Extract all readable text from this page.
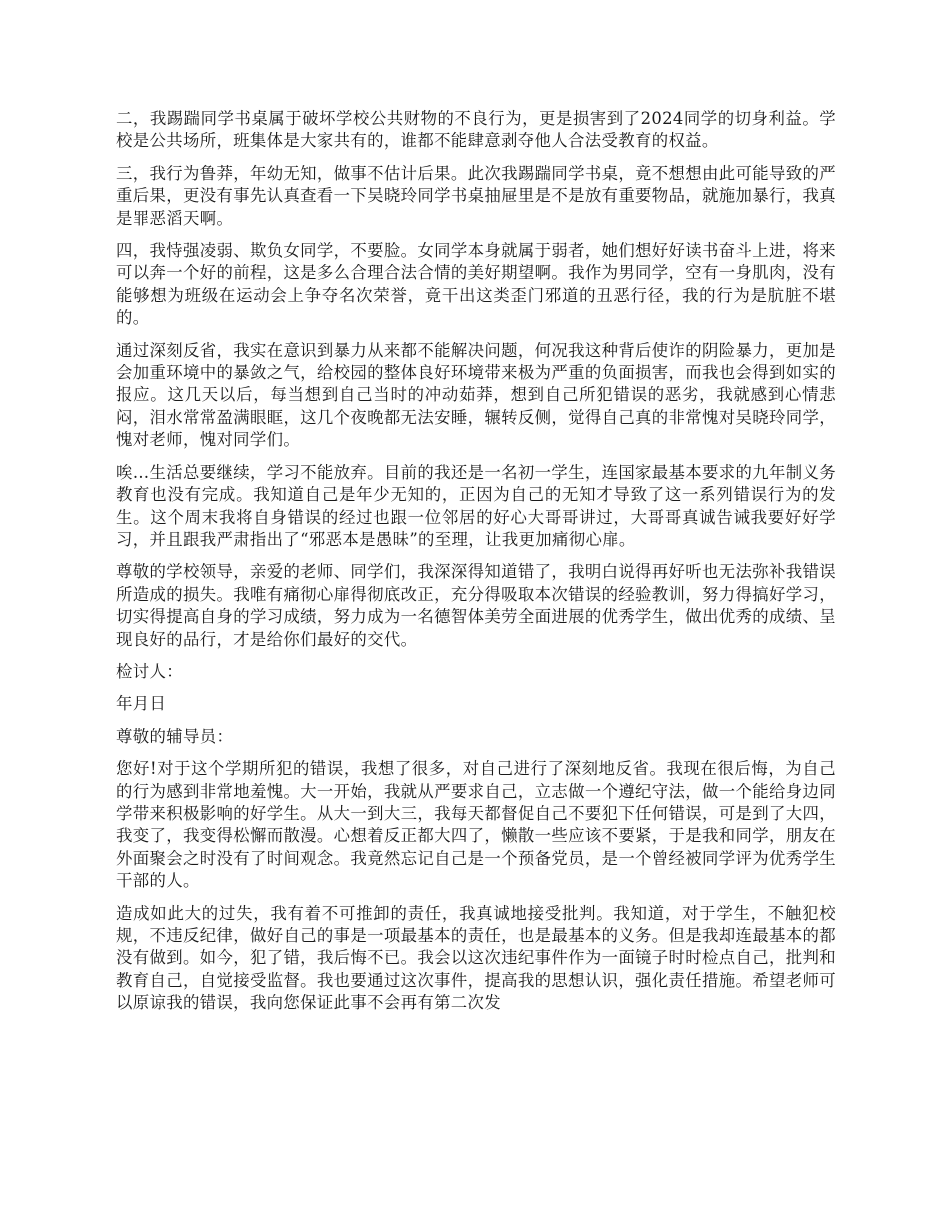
二，我踢踹同学书桌属于破坏学校公共财物的不良行为，更是损害到了2024同学的切身利益。学校是公共场所，班集体是大家共有的，谁都不能肆意剥夺他人合法受教育的权益。

三，我行为鲁莽，年幼无知，做事不估计后果。此次我踢踹同学书桌，竟不想想由此可能导致的严重后果，更没有事先认真查看一下吴晓玲同学书桌抽屉里是不是放有重要物品，就施加暴行，我真是罪恶滔天啊。

四，我恃强凌弱、欺负女同学，不要脸。女同学本身就属于弱者，她们想好好读书奋斗上进，将来可以奔一个好的前程，这是多么合理合法合情的美好期望啊。我作为男同学，空有一身肌肉，没有能够想为班级在运动会上争夺名次荣誉，竟干出这类歪门邪道的丑恶行径，我的行为是肮脏不堪的。

通过深刻反省，我实在意识到暴力从来都不能解决问题，何况我这种背后使诈的阴险暴力，更加是会加重环境中的暴敛之气，给校园的整体良好环境带来极为严重的负面损害，而我也会得到如实的报应。这几天以后，每当想到自己当时的冲动茹莽，想到自己所犯错误的恶劣，我就感到心情悲闷，泪水常常盈满眼眶，这几个夜晚都无法安睡，辗转反侧，觉得自己真的非常愧对吴晓玲同学，愧对老师，愧对同学们。

唉…生活总要继续，学习不能放弃。目前的我还是一名初一学生，连国家最基本要求的九年制义务教育也没有完成。我知道自己是年少无知的，正因为自己的无知才导致了这一系列错误行为的发生。这个周末我将自身错误的经过也跟一位邻居的好心大哥哥讲过，大哥哥真诚告诫我要好好学习，并且跟我严肃指出了“邪恶本是愚昧”的至理，让我更加痛彻心扉。

尊敬的学校领导，亲爱的老师、同学们，我深深得知道错了，我明白说得再好听也无法弥补我错误所造成的损失。我唯有痛彻心扉得彻底改正，充分得吸取本次错误的经验教训，努力得搞好学习，切实得提高自身的学习成绩，努力成为一名德智体美劳全面进展的优秀学生，做出优秀的成绩、呈现良好的品行，才是给你们最好的交代。

检讨人：

年月日

尊敬的辅导员：

您好!对于这个学期所犯的错误，我想了很多，对自己进行了深刻地反省。我现在很后悔，为自己的行为感到非常地羞愧。大一开始，我就从严要求自己，立志做一个遵纪守法，做一个能给身边同学带来积极影响的好学生。从大一到大三，我每天都督促自己不要犯下任何错误，可是到了大四，我变了，我变得松懈而散漫。心想着反正都大四了，懒散一些应该不要紧，于是我和同学，朋友在外面聚会之时没有了时间观念。我竟然忘记自己是一个预备党员，是一个曾经被同学评为优秀学生干部的人。

造成如此大的过失，我有着不可推卸的责任，我真诚地接受批判。我知道，对于学生，不触犯校规，不违反纪律，做好自己的事是一项最基本的责任，也是最基本的义务。但是我却连最基本的都没有做到。如今，犯了错，我后悔不已。我会以这次违纪事件作为一面镜子时时检点自己，批判和教育自己，自觉接受监督。我也要通过这次事件，提高我的思想认识，强化责任措施。希望老师可以原谅我的错误，我向您保证此事不会再有第二次发
